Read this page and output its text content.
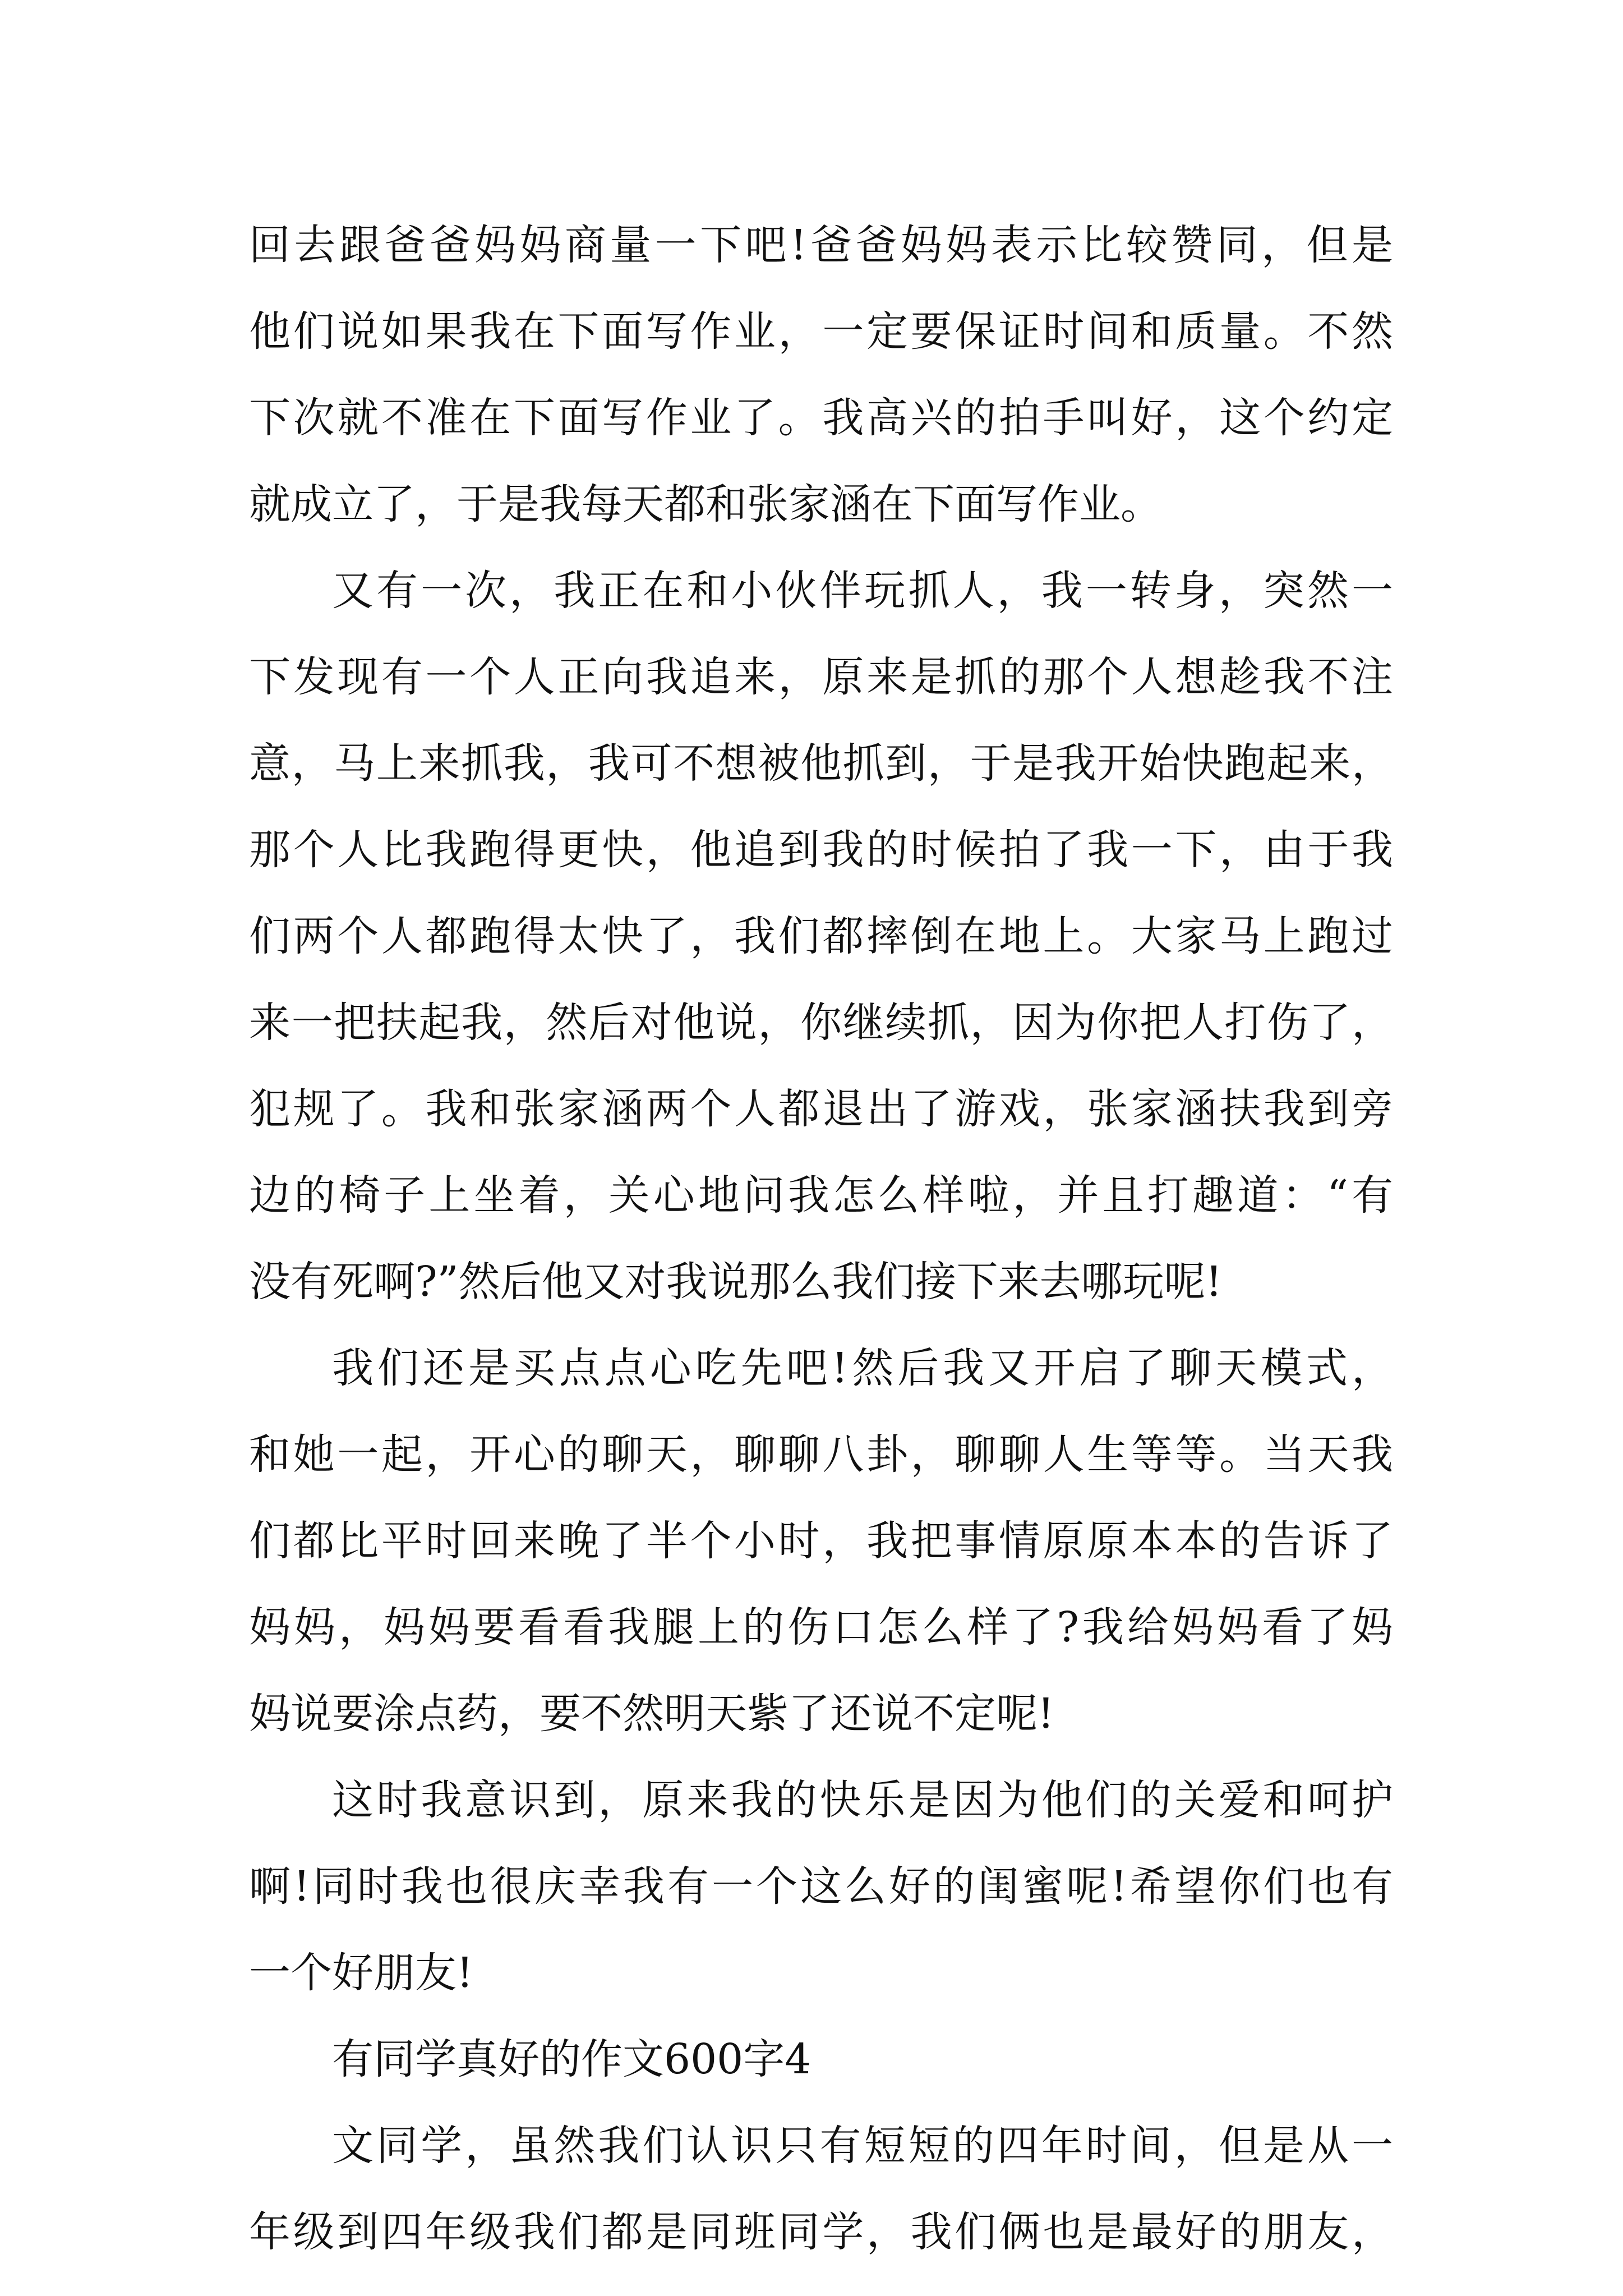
回去跟爸爸妈妈商量一下吧!爸爸妈妈表示比较赞同，但是
他们说如果我在下面写作业，一定要保证时间和质量。不然
下次就不准在下面写作业了。我高兴的拍手叫好，这个约定
就成立了，于是我每天都和张家涵在下面写作业。
又有一次，我正在和小伙伴玩抓人，我一转身，突然一
下发现有一个人正向我追来，原来是抓的那个人想趁我不注
意，马上来抓我，我可不想被他抓到，于是我开始快跑起来，
那个人比我跑得更快，他追到我的时候拍了我一下，由于我
们两个人都跑得太快了，我们都摔倒在地上。大家马上跑过
来一把扶起我，然后对他说，你继续抓，因为你把人打伤了，
犯规了。我和张家涵两个人都退出了游戏，张家涵扶我到旁
边的椅子上坐着，关心地问我怎么样啦，并且打趣道：“有
没有死啊?”然后他又对我说那么我们接下来去哪玩呢!
我们还是买点点心吃先吧!然后我又开启了聊天模式，
和她一起，开心的聊天，聊聊八卦，聊聊人生等等。当天我
们都比平时回来晚了半个小时，我把事情原原本本的告诉了
妈妈，妈妈要看看我腿上的伤口怎么样了?我给妈妈看了妈
妈说要涂点药，要不然明天紫了还说不定呢!
这时我意识到，原来我的快乐是因为他们的关爱和呵护
啊!同时我也很庆幸我有一个这么好的闺蜜呢!希望你们也有
一个好朋友!
有同学真好的作文600字4
文同学，虽然我们认识只有短短的四年时间，但是从一
年级到四年级我们都是同班同学，我们俩也是最好的朋友，
